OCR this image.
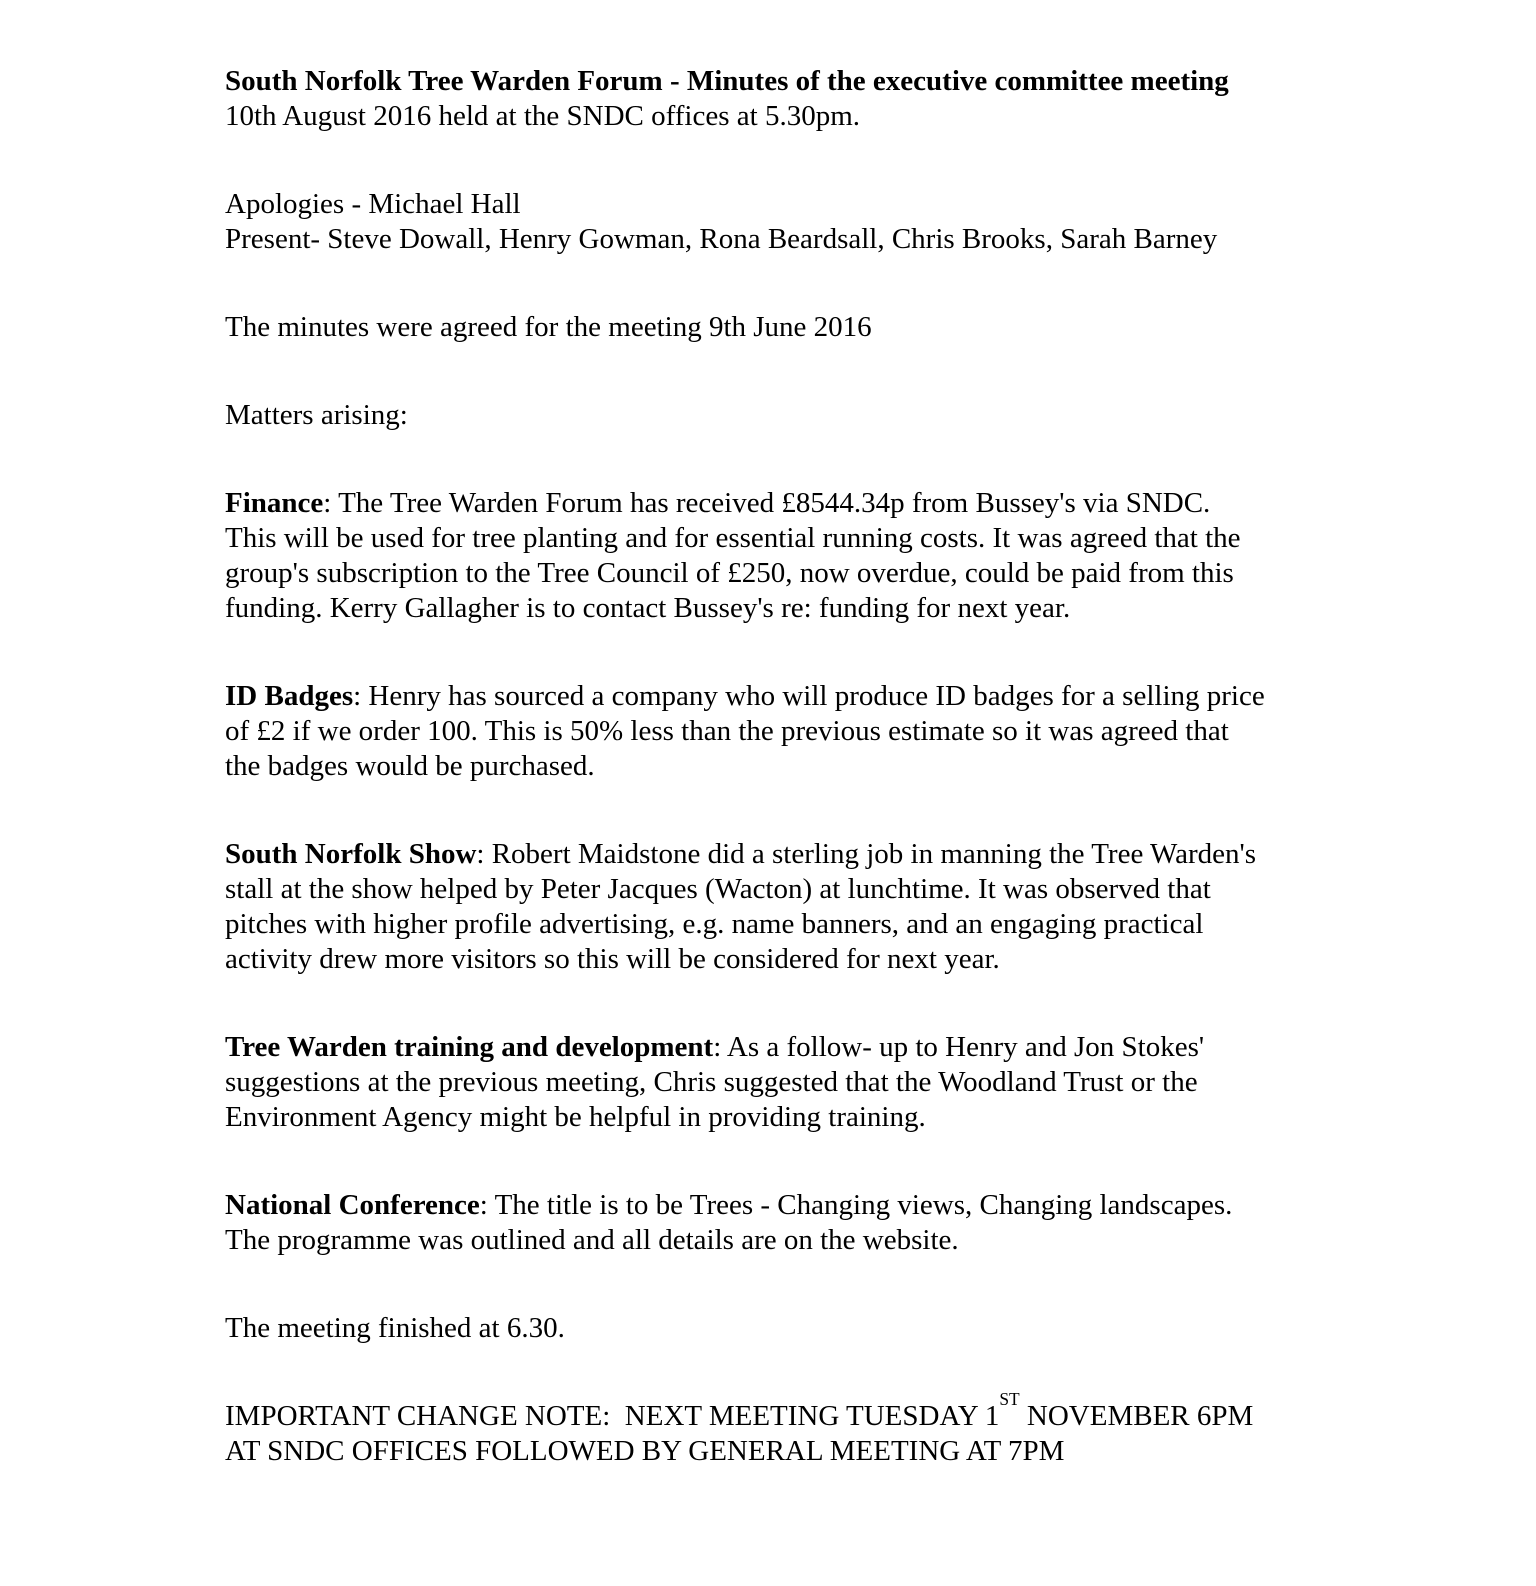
South Norfolk Tree Warden Forum - Minutes of the executive committee meeting
10th August 2016 held at the SNDC offices at 5.30pm.

Apologies - Michael Hall
Present- Steve Dowall, Henry Gowman, Rona Beardsall, Chris Brooks, Sarah Barney

The minutes were agreed for the meeting 9th June 2016

Matters arising:

Finance: The Tree Warden Forum has received £8544.34p from Bussey's via SNDC.
This will be used for tree planting and for essential running costs. It was agreed that the
group's subscription to the Tree Council of £250, now overdue, could be paid from this
funding. Kerry Gallagher is to contact Bussey's re: funding for next year.

ID Badges: Henry has sourced a company who will produce ID badges for a selling price
of £2 if we order 100. This is 50% less than the previous estimate so it was agreed that
the badges would be purchased.

South Norfolk Show: Robert Maidstone did a sterling job in manning the Tree Warden's
stall at the show helped by Peter Jacques (Wacton) at lunchtime. It was observed that
pitches with higher profile advertising, e.g. name banners, and an engaging practical
activity drew more visitors so this will be considered for next year.

Tree Warden training and development: As a follow- up to Henry and Jon Stokes'
suggestions at the previous meeting, Chris suggested that the Woodland Trust or the
Environment Agency might be helpful in providing training.

National Conference: The title is to be Trees - Changing views, Changing landscapes.
The programme was outlined and all details are on the website.

The meeting finished at 6.30.

IMPORTANT CHANGE NOTE:  NEXT MEETING TUESDAY 1ST NOVEMBER 6PM
AT SNDC OFFICES FOLLOWED BY GENERAL MEETING AT 7PM
